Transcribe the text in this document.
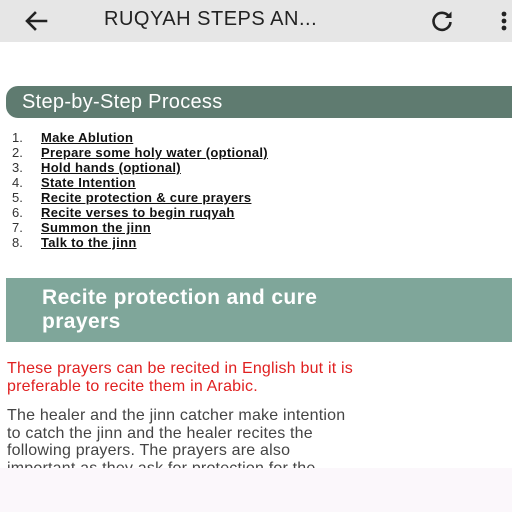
RUQYAH STEPS AN...
Step-by-Step Process
1.	Make Ablution
2.	Prepare some holy water (optional)
3.	Hold hands (optional)
4.	State Intention
5.	Recite protection & cure prayers
6.	Recite verses to begin ruqyah
7.	Summon the jinn
8.	Talk to the jinn
Recite protection and cure
prayers
These prayers can be recited in English but it is
preferable to recite them in Arabic.
The healer and the jinn catcher make intention
to catch the jinn and the healer recites the
following prayers. The prayers are also
